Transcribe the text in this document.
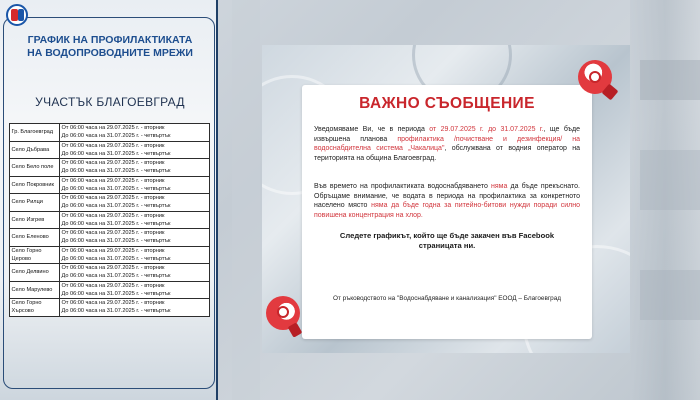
ГРАФИК НА ПРОФИЛАКТИКАТА НА ВОДОПРОВОДНИТЕ МРЕЖИ
УЧАСТЪК БЛАГОЕВГРАД
Гр. Благоевград	От 06:00 часа на 29.07.2025 г. - вторник
До 06:00 часа на 31.07.2025 г. - четвъртък

Село Дъбрава	От 06:00 часа на 29.07.2025 г. - вторник
До 06:00 часа на 31.07.2025 г. - четвъртък

Село Бело поле	От 06:00 часа на 29.07.2025 г. - вторник
До 06:00 часа на 31.07.2025 г. - четвъртък

Село Покровник	От 06:00 часа на 29.07.2025 г. - вторник
До 06:00 часа на 31.07.2025 г. - четвъртък

Село Рилци	От 06:00 часа на 29.07.2025 г. - вторник
До 06:00 часа на 31.07.2025 г. - четвъртък

Село Изгрев	От 06:00 часа на 29.07.2025 г. - вторник
До 06:00 часа на 31.07.2025 г. - четвъртък

Село Еленово	От 06:00 часа на 29.07.2025 г. - вторник
До 06:00 часа на 31.07.2025 г. - четвъртък

Село Горно Церово	От 06:00 часа на 29.07.2025 г. - вторник
До 06:00 часа на 31.07.2025 г. - четвъртък

Село Делвино	От 06:00 часа на 29.07.2025 г. - вторник
До 06:00 часа на 31.07.2025 г. - четвъртък

Село Марулево	От 06:00 часа на 29.07.2025 г. - вторник
До 06:00 часа на 31.07.2025 г. - четвъртък

Село Горно Хърсово	От 06:00 часа на 29.07.2025 г. - вторник
До 06:00 часа на 31.07.2025 г. - четвъртък
ВАЖНО СЪОБЩЕНИЕ
Уведомяваме Ви, че в периода от 29.07.2025 г. до 31.07.2025 г., ще бъде извършена планова профилактика /почистване и дезинфекция/ на водоснабдителна система „Чакалица", обслужвана от водния оператор на територията на община Благоевград.
Във времето на профилактиката водоснабдяването няма да бъде прекъснато. Обръщаме внимание, че водата в периода на профилактика за конкретното населено място няма да бъде годна за питейно-битови нужди поради силно повишена концентрация на хлор.
Следете графикът, който ще бъде закачен във Facebook страницата ни.
От ръководството на "Водоснабдяване и канализация" ЕООД – Благоевград
